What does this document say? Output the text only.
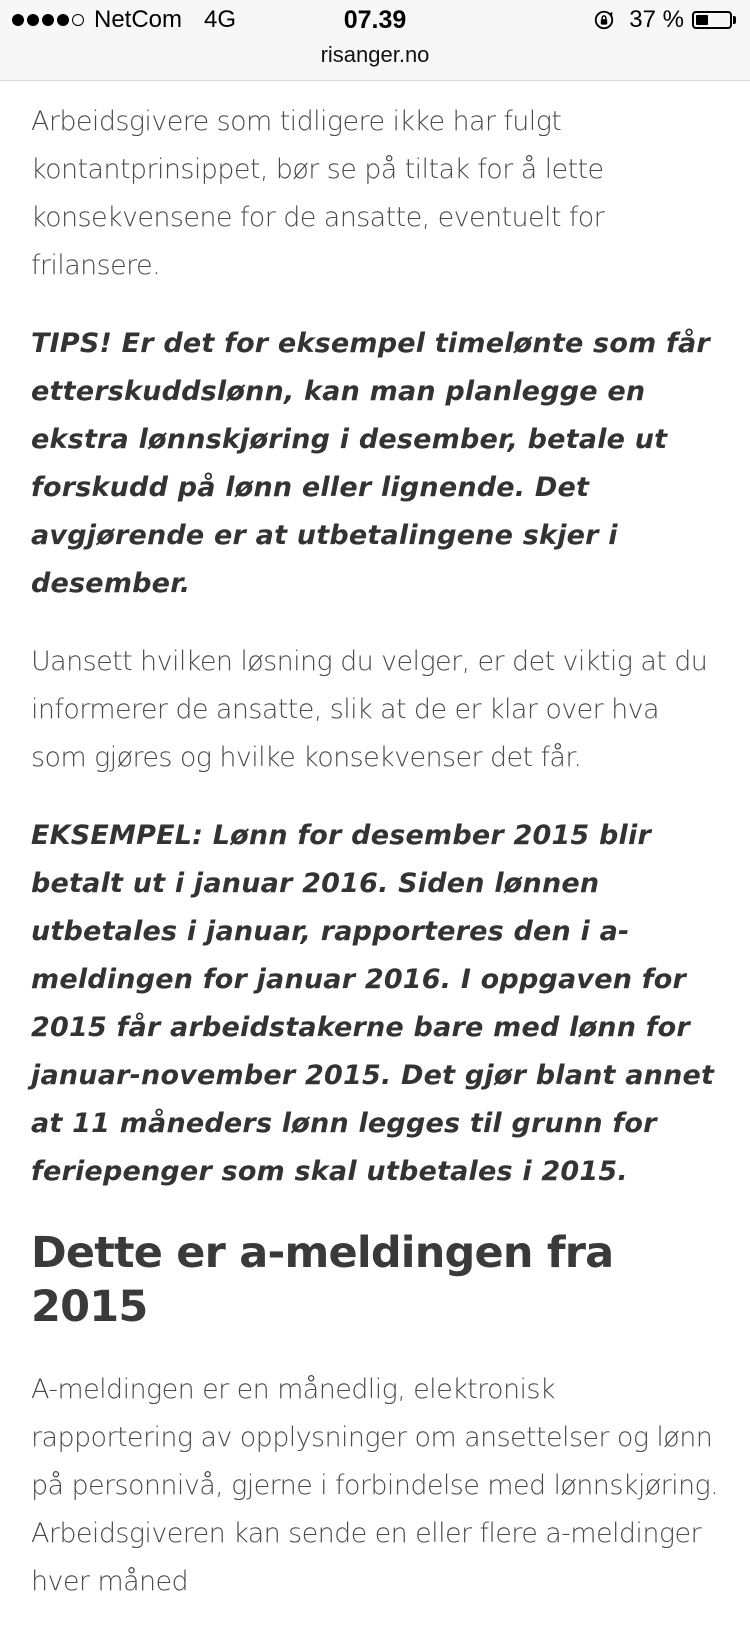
NetCom 4G	07.39	37 %
risanger.no

Arbeidsgivere som tidligere ikke har fulgt kontantprinsippet, bør se på tiltak for å lette konsekvensene for de ansatte, eventuelt for frilansere.

TIPS! Er det for eksempel timelønte som får etterskuddslønn, kan man planlegge en ekstra lønnskjøring i desember, betale ut forskudd på lønn eller lignende. Det avgjørende er at utbetalingene skjer i desember.

Uansett hvilken løsning du velger, er det viktig at du informerer de ansatte, slik at de er klar over hva som gjøres og hvilke konsekvenser det får.

EKSEMPEL: Lønn for desember 2015 blir betalt ut i januar 2016. Siden lønnen utbetales i januar, rapporteres den i a-meldingen for januar 2016. I oppgaven for 2015 får arbeidstakerne bare med lønn for januar-november 2015. Det gjør blant annet at 11 måneders lønn legges til grunn for feriepenger som skal utbetales i 2015.

Dette er a-meldingen fra 2015

A-meldingen er en månedlig, elektronisk rapportering av opplysninger om ansettelser og lønn på personnivå, gjerne i forbindelse med lønnskjøring. Arbeidsgiveren kan sende en eller flere a-meldinger hver måned
